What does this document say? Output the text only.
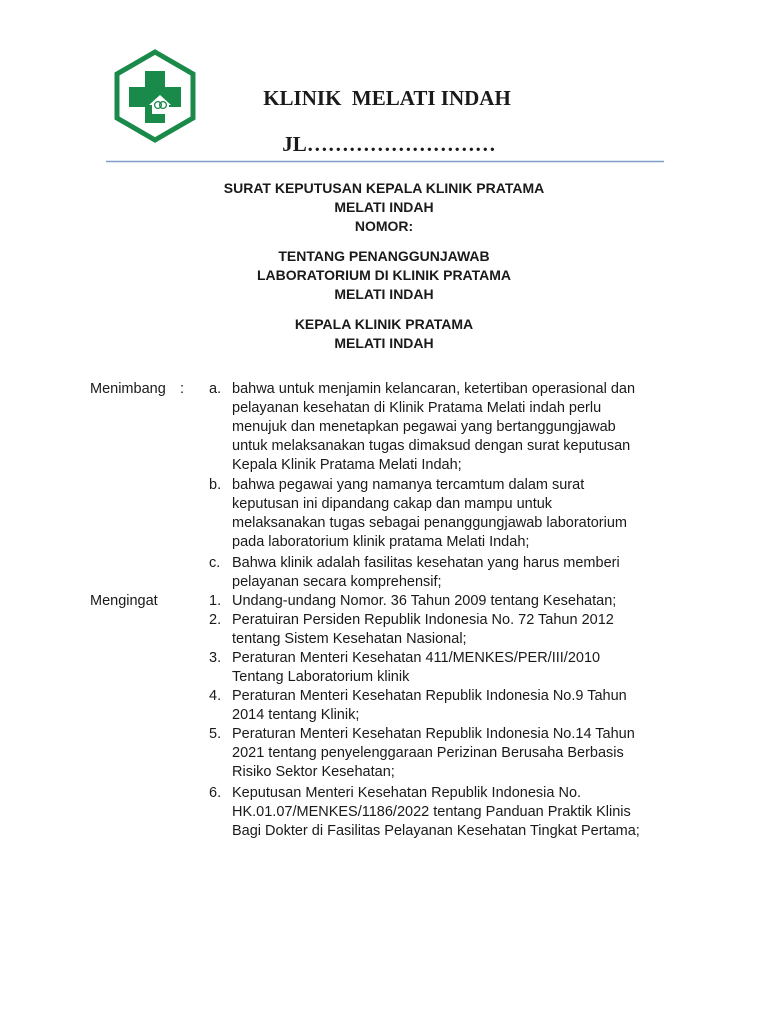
KLINIK  MELATI INDAH
JL………………………
SURAT KEPUTUSAN KEPALA KLINIK PRATAMA
MELATI INDAH
NOMOR:
TENTANG PENANGGUNJAWAB
LABORATORIUM DI KLINIK PRATAMA
MELATI INDAH
KEPALA KLINIK PRATAMA
MELATI INDAH
Menimbang : a. bahwa untuk menjamin kelancaran, ketertiban operasional dan
pelayanan kesehatan di Klinik Pratama Melati indah perlu
menujuk dan menetapkan pegawai yang bertanggungjawab
untuk melaksanakan tugas dimaksud dengan surat keputusan
Kepala Klinik Pratama Melati Indah;
b. bahwa pegawai yang namanya tercamtum dalam surat
keputusan ini dipandang cakap dan mampu untuk
melaksanakan tugas sebagai penanggungjawab laboratorium
pada laboratorium klinik pratama Melati Indah;
c. Bahwa klinik adalah fasilitas kesehatan yang harus memberi
pelayanan secara komprehensif;
Mengingat	1. Undang-undang Nomor. 36 Tahun 2009 tentang Kesehatan;
2. Peratuiran Persiden Republik Indonesia No. 72 Tahun 2012
tentang Sistem Kesehatan Nasional;
3. Peraturan Menteri Kesehatan 411/MENKES/PER/III/2010
Tentang Laboratorium klinik
4. Peraturan Menteri Kesehatan Republik Indonesia No.9 Tahun
2014 tentang Klinik;
5. Peraturan Menteri Kesehatan Republik Indonesia No.14 Tahun
2021 tentang penyelenggaraan Perizinan Berusaha Berbasis
Risiko Sektor Kesehatan;
6. Keputusan Menteri Kesehatan Republik Indonesia No.
HK.01.07/MENKES/1186/2022 tentang Panduan Praktik Klinis
Bagi Dokter di Fasilitas Pelayanan Kesehatan Tingkat Pertama;
